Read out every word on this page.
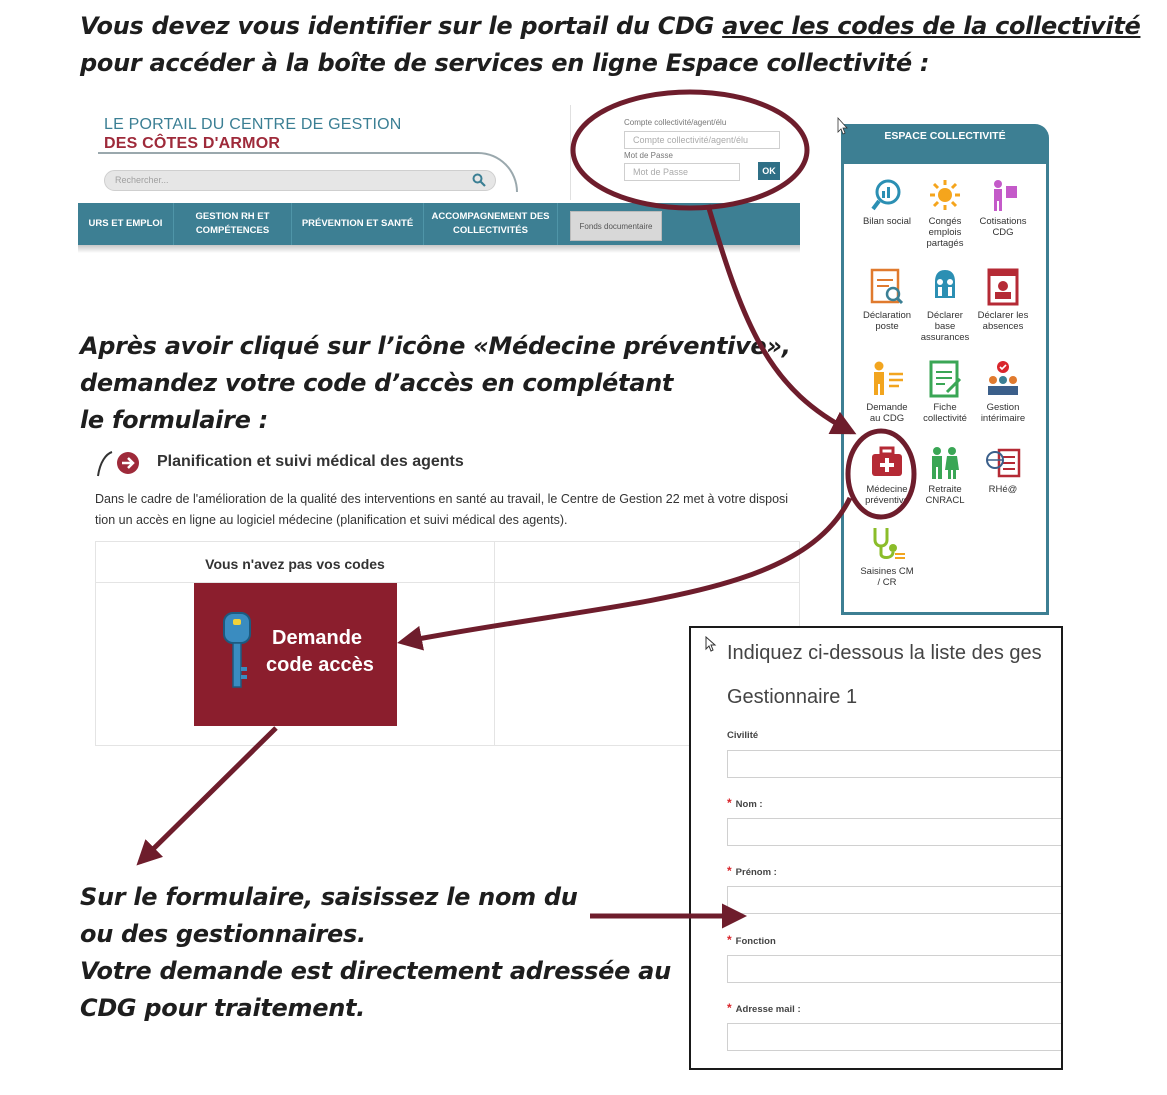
Vous devez vous identifier sur le portail du CDG avec les codes de la collectivité
pour accéder à la boîte de services en ligne Espace collectivité :
LE PORTAIL DU CENTRE DE GESTION
DES CÔTES D'ARMOR
Rechercher...
Compte collectivité/agent/élu
Compte collectivité/agent/élu
Mot de Passe
Mot de Passe	OK
URS ET EMPLOI
GESTION RH ET
COMPÉTENCES
PRÉVENTION ET SANTÉ
ACCOMPAGNEMENT DES
COLLECTIVITÉS	Fonds documentaire
ESPACE COLLECTIVITÉ
Bilan social	Congés
emplois
partagés
Cotisations
CDG
Déclaration
poste
Déclarer
base
assurances
Déclarer les
absences
Demande
au CDG
Fiche
collectivité
Gestion
intérimaire
Médecine
préventive
Retraite
CNRACL
RHé@
Saisines CM
/ CR
Après avoir cliqué sur l’icône «Médecine préventive»,
demandez votre code d’accès en complétant
le formulaire :
Planification et suivi médical des agents
Dans le cadre de l'amélioration de la qualité des interventions en santé au travail, le Centre de Gestion 22 met à votre disposi
tion un accès en ligne au logiciel médecine (planification et suivi médical des agents).
Vous n'avez pas vos codes
Demande
code accès
Sur le formulaire, saisissez le nom du
ou des gestionnaires.
Votre demande est directement adressée au
CDG pour traitement.
Indiquez ci-dessous la liste des ges
Gestionnaire 1
Civilité
* Nom :
* Prénom :
* Fonction
* Adresse mail :
